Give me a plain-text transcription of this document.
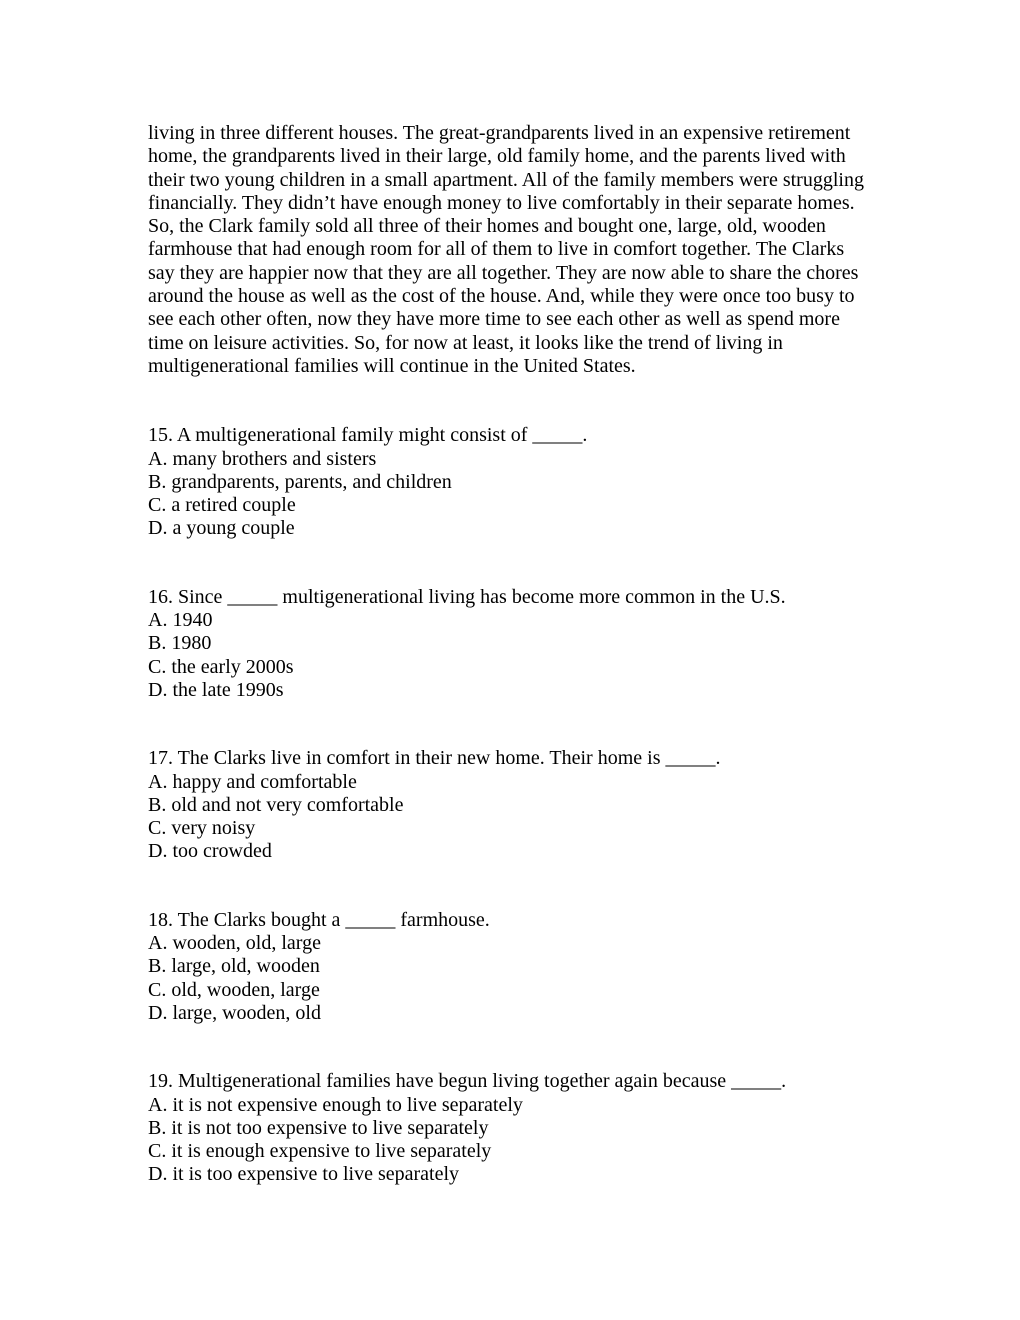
living in three different houses. The great-grandparents lived in an expensive retirement
home, the grandparents lived in their large, old family home, and the parents lived with
their two young children in a small apartment. All of the family members were struggling
financially. They didn’t have enough money to live comfortably in their separate homes.
So, the Clark family sold all three of their homes and bought one, large, old, wooden
farmhouse that had enough room for all of them to live in comfort together. The Clarks
say they are happier now that they are all together. They are now able to share the chores
around the house as well as the cost of the house. And, while they were once too busy to
see each other often, now they have more time to see each other as well as spend more
time on leisure activities. So, for now at least, it looks like the trend of living in
multigenerational families will continue in the United States.
15. A multigenerational family might consist of _____.
A. many brothers and sisters
B. grandparents, parents, and children
C. a retired couple
D. a young couple
16. Since _____ multigenerational living has become more common in the U.S.
A. 1940
B. 1980
C. the early 2000s
D. the late 1990s
17. The Clarks live in comfort in their new home. Their home is _____.
A. happy and comfortable
B. old and not very comfortable
C. very noisy
D. too crowded
18. The Clarks bought a _____ farmhouse.
A. wooden, old, large
B. large, old, wooden
C. old, wooden, large
D. large, wooden, old
19. Multigenerational families have begun living together again because _____.
A. it is not expensive enough to live separately
B. it is not too expensive to live separately
C. it is enough expensive to live separately
D. it is too expensive to live separately
